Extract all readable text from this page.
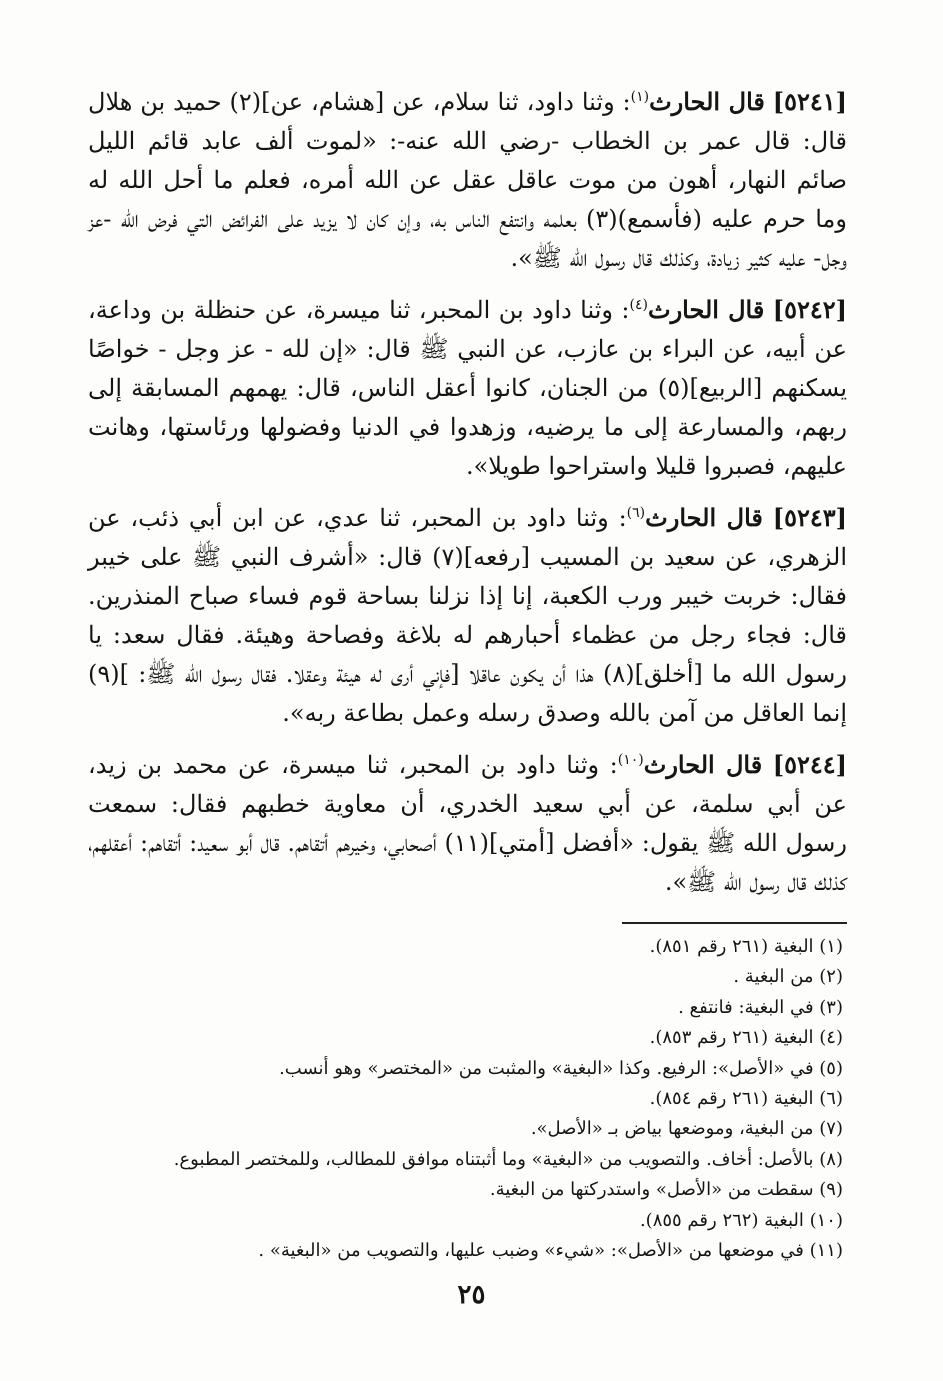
[٥٢٤١] قال الحارث$^{(١)}$: وثنا داود، ثنا سلام، عن [هشام، عن](٢) حميد بن هلال قال: قال عمر بن الخطاب -رضي الله عنه-: «لموت ألف عابد قائم الليل صائم النهار، أهون من موت عاقل عقل عن الله أمره، فعلم ما أحل الله له وما حرم عليه (فأسمع)(٣) بعلمه وانتفع الناس به، وإن كان لا يزيد على الفرائض التي فرض الله -عز وجل- عليه كثير زيادة، وكذلك قال رسول الله ﷺ».

[٥٢٤٢] قال الحارث$^{(٤)}$: وثنا داود بن المحبر، ثنا ميسرة، عن حنظلة بن وداعة، عن أبيه، عن البراء بن عازب، عن النبي ﷺ قال: «إن لله - عز وجل - خواصًا يسكنهم [الربيع](٥) من الجنان، كانوا أعقل الناس، قال: يهمهم المسابقة إلى ربهم، والمسارعة إلى ما يرضيه، وزهدوا في الدنيا وفضولها ورئاستها، وهانت عليهم، فصبروا قليلا واستراحوا طويلا».

[٥٢٤٣] قال الحارث$^{(٦)}$: وثنا داود بن المحبر، ثنا عدي، عن ابن أبي ذئب، عن الزهري، عن سعيد بن المسيب [رفعه](٧) قال: «أشرف النبي ﷺ على خيبر فقال: خربت خيبر ورب الكعبة، إنا إذا نزلنا بساحة قوم فساء صباح المنذرين. قال: فجاء رجل من عظماء أحبارهم له بلاغة وفصاحة وهيئة. فقال سعد: يا رسول الله ما [أخلق](٨) هذا أن يكون عاقلا [فإني أرى له هيئة وعقلا. فقال رسول الله ﷺ: ](٩) إنما العاقل من آمن بالله وصدق رسله وعمل بطاعة ربه».

[٥٢٤٤] قال الحارث$^{(١٠)}$: وثنا داود بن المحبر، ثنا ميسرة، عن محمد بن زيد، عن أبي سلمة، عن أبي سعيد الخدري، أن معاوية خطبهم فقال: سمعت رسول الله ﷺ يقول: «أفضل [أمتي](١١) أصحابي، وخيرهم أتقاهم. قال أبو سعيد: أتقاهم: أعقلهم، كذلك قال رسول الله ﷺ».

(١) البغية (٢٦١ رقم ٨٥١).
(٢) من البغية .
(٣) في البغية: فانتفع .
(٤) البغية (٢٦١ رقم ٨٥٣).
(٥) في «الأصل»: الرفيع. وكذا «البغية» والمثبت من «المختصر» وهو أنسب.
(٦) البغية (٢٦١ رقم ٨٥٤).
(٧) من البغية، وموضعها بياض بـ «الأصل».
(٨) بالأصل: أخاف. والتصويب من «البغية» وما أثبتناه موافق للمطالب، وللمختصر المطبوع.
(٩) سقطت من «الأصل» واستدركتها من البغية.
(١٠) البغية (٢٦٢ رقم ٨٥٥).
(١١) في موضعها من «الأصل»: «شيء» وضبب عليها، والتصويب من «البغية» .
٢٥
